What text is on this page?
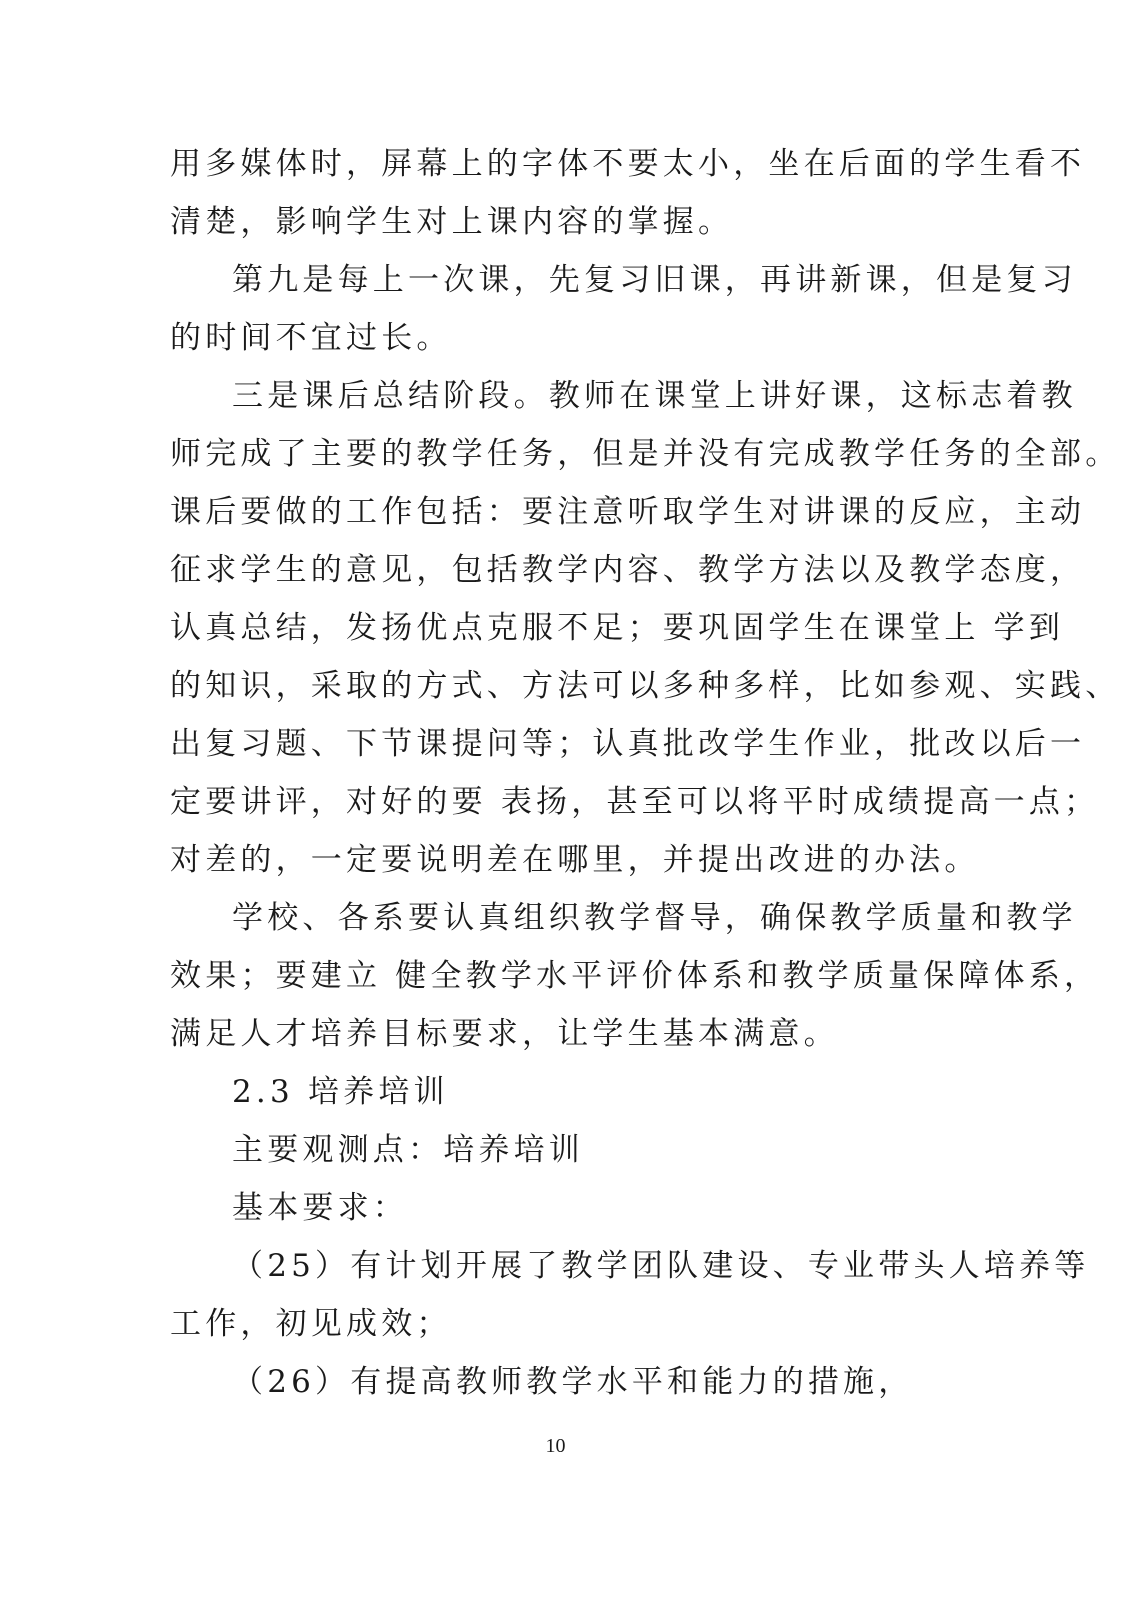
用多媒体时，屏幕上的字体不要太小，坐在后面的学生看不
清楚，影响学生对上课内容的掌握。
第九是每上一次课，先复习旧课，再讲新课，但是复习
的时间不宜过长。
三是课后总结阶段。教师在课堂上讲好课，这标志着教
师完成了主要的教学任务，但是并没有完成教学任务的全部。
课后要做的工作包括：要注意听取学生对讲课的反应，主动
征求学生的意见，包括教学内容、教学方法以及教学态度，
认真总结，发扬优点克服不足；要巩固学生在课堂上 学到
的知识，采取的方式、方法可以多种多样，比如参观、实践、
出复习题、下节课提问等；认真批改学生作业，批改以后一
定要讲评，对好的要 表扬，甚至可以将平时成绩提高一点；
对差的，一定要说明差在哪里，并提出改进的办法。
学校、各系要认真组织教学督导，确保教学质量和教学
效果；要建立 健全教学水平评价体系和教学质量保障体系，
满足人才培养目标要求，让学生基本满意。
2.3 培养培训
主要观测点：培养培训
基本要求：
（25）有计划开展了教学团队建设、专业带头人培养等
工作，初见成效；
（26）有提高教师教学水平和能力的措施，
10
